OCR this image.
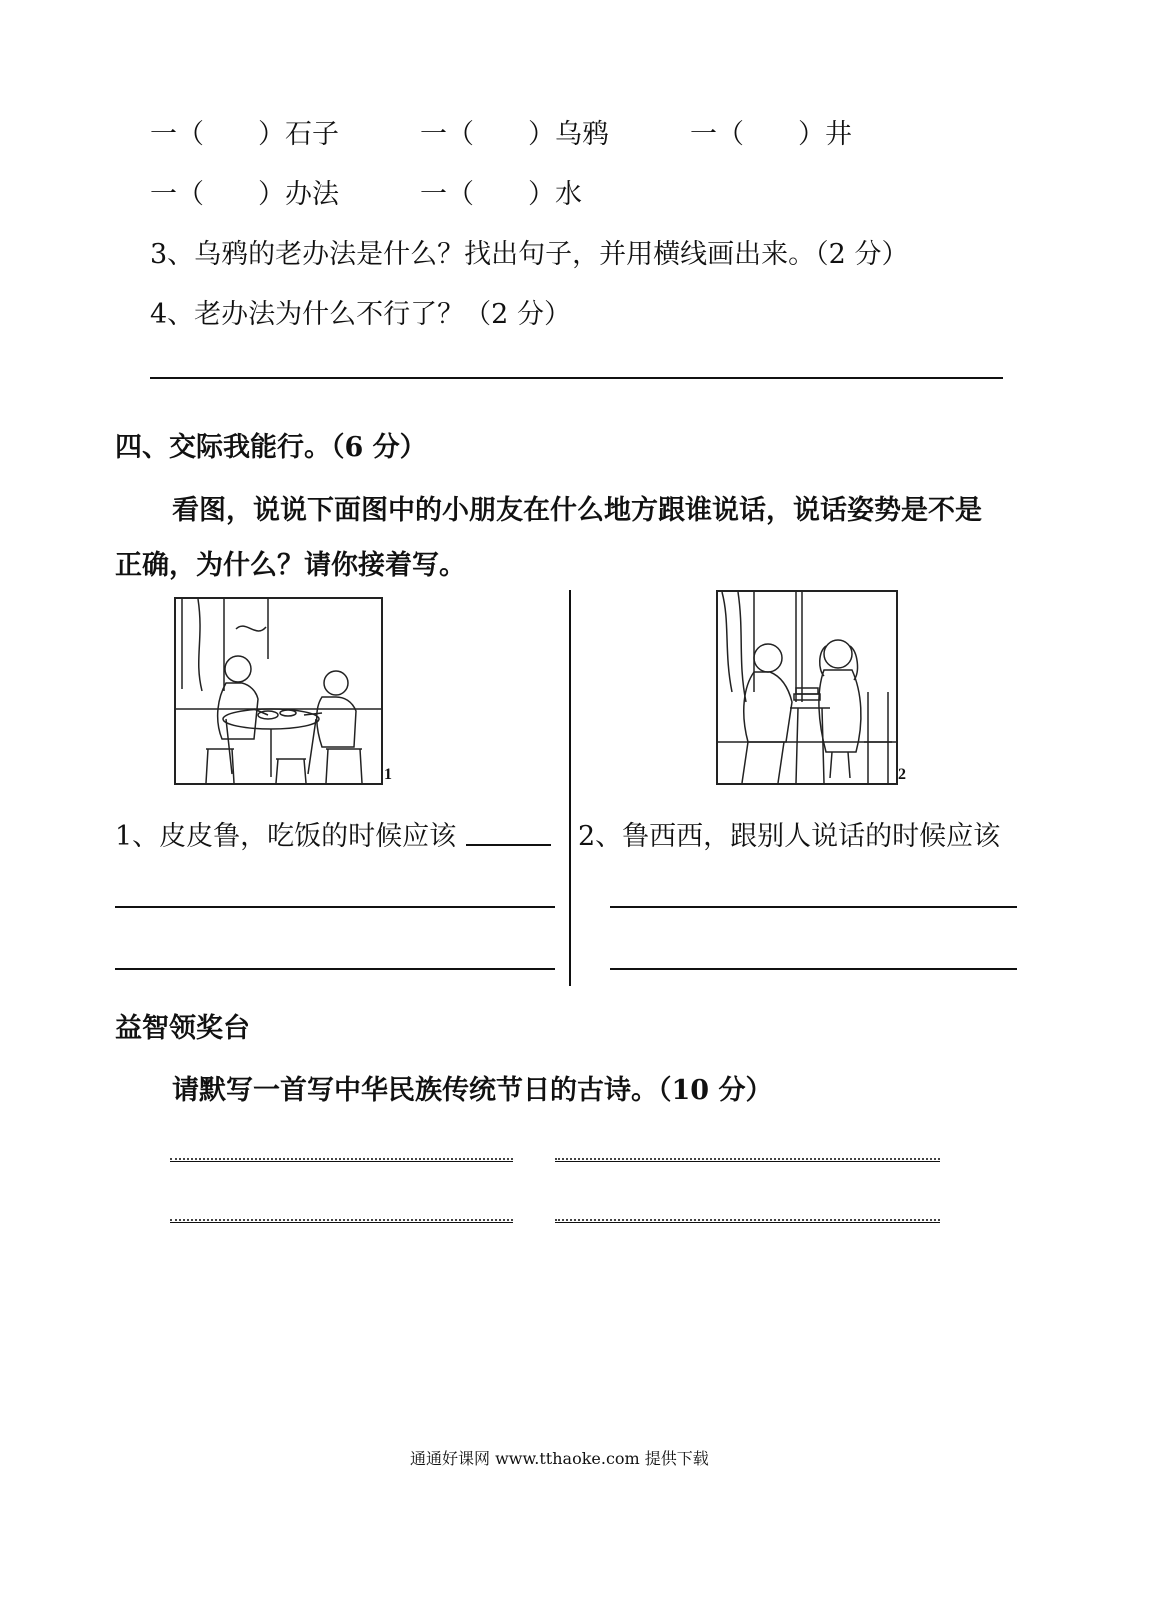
一（　　）石子	一（　　）乌鸦	一（　　）井
一（　　）办法	一（　　）水
3、乌鸦的老办法是什么？找出句子，并用横线画出来。（2 分）
4、老办法为什么不行了？（2 分）
四、交际我能行。（6 分）
看图，说说下面图中的小朋友在什么地方跟谁说话，说话姿势是不是
正确，为什么？请你接着写。
1	2
1、皮皮鲁，吃饭的时候应该	2、鲁西西，跟别人说话的时候应该
益智领奖台
请默写一首写中华民族传统节日的古诗。（10 分）
通通好课网 www.tthaoke.com 提供下载
